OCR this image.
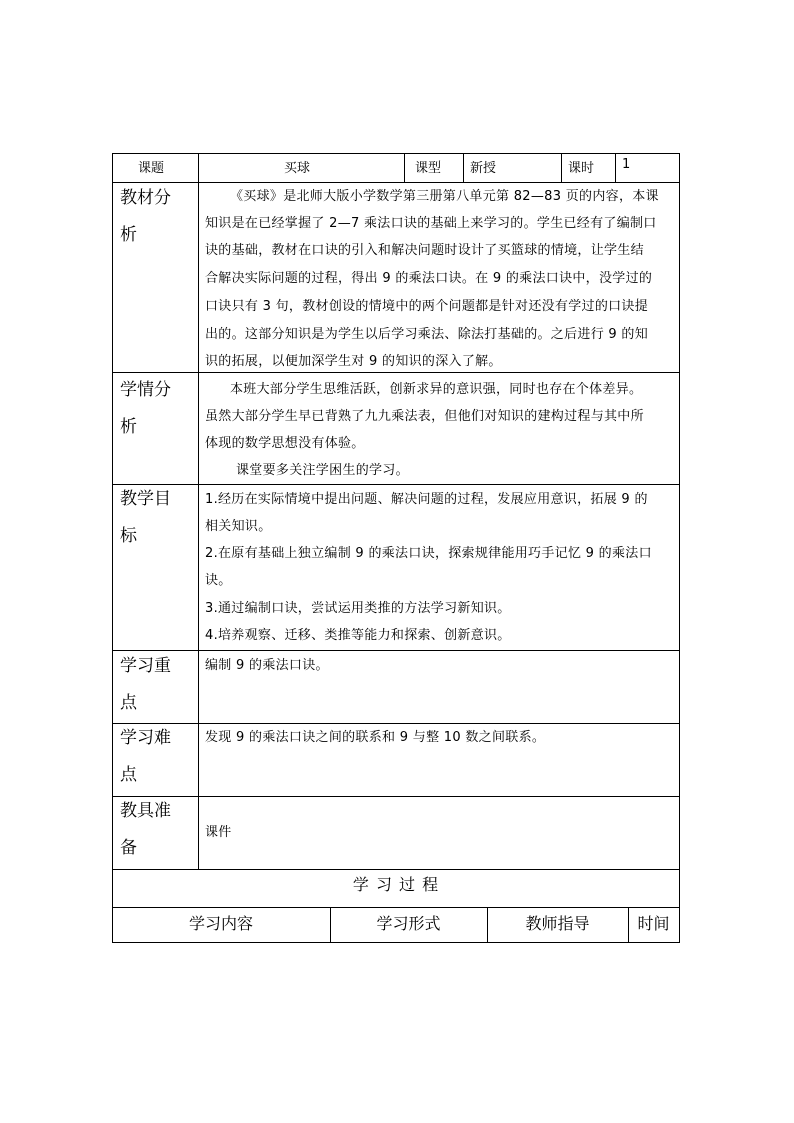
课题	买球	课型 新授	课时 1
教材分
析
《买球》是北师大版小学数学第三册第八单元第 82—83 页的内容，本课
知识是在已经掌握了 2—7 乘法口诀的基础上来学习的。学生已经有了编制口
诀的基础，教材在口诀的引入和解决问题时设计了买篮球的情境，让学生结
合解决实际问题的过程，得出 9 的乘法口诀。在 9 的乘法口诀中，没学过的
口诀只有 3 句，教材创设的情境中的两个问题都是针对还没有学过的口诀提
出的。这部分知识是为学生以后学习乘法、除法打基础的。之后进行 9 的知
识的拓展，以便加深学生对 9 的知识的深入了解。
学情分
析
本班大部分学生思维活跃，创新求异的意识强，同时也存在个体差异。
虽然大部分学生早已背熟了九九乘法表，但他们对知识的建构过程与其中所
体现的数学思想没有体验。
课堂要多关注学困生的学习。
教学目
标
1.经历在实际情境中提出问题、解决问题的过程，发展应用意识，拓展 9 的
相关知识。
2.在原有基础上独立编制 9 的乘法口诀，探索规律能用巧手记忆 9 的乘法口
诀。
3.通过编制口诀，尝试运用类推的方法学习新知识。
4.培养观察、迁移、类推等能力和探索、创新意识。
学习重
点
编制 9 的乘法口诀。
学习难
点
发现 9 的乘法口诀之间的联系和 9 与整 10 数之间联系。
教具准
备
课件
学 习 过 程
学习内容	学习形式	教师指导	时间
